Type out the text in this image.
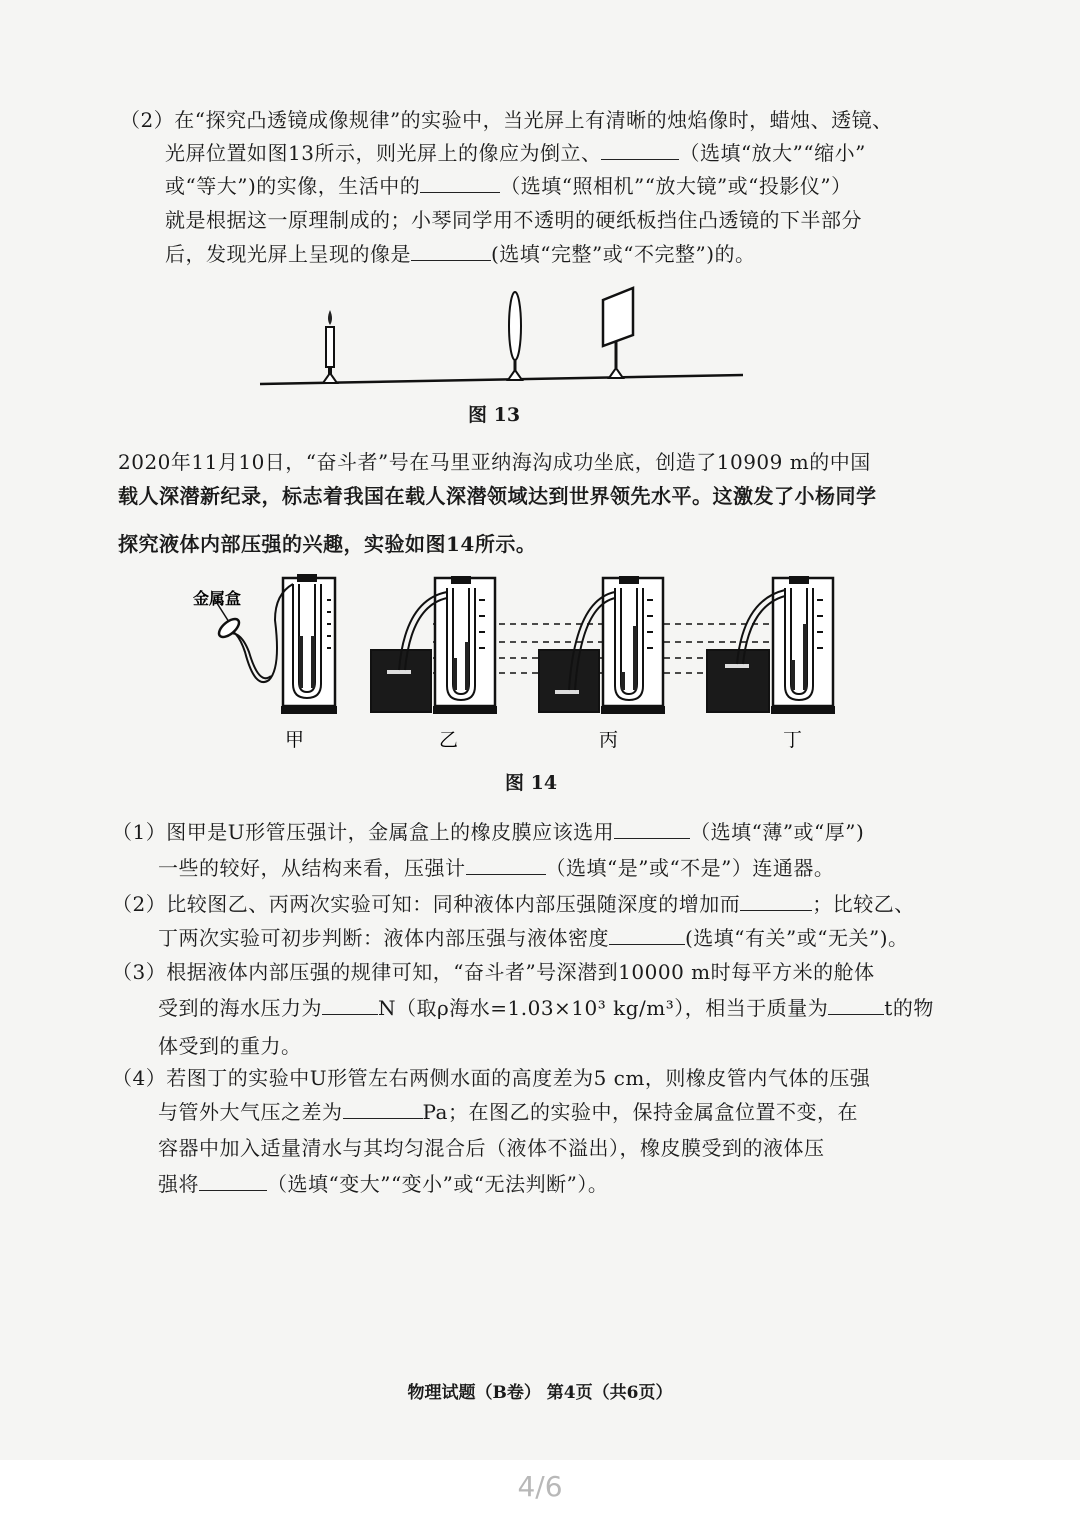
（2）在“探究凸透镜成像规律”的实验中，当光屏上有清晰的烛焰像时，蜡烛、透镜、
光屏位置如图13所示，则光屏上的像应为倒立、	（选填“放大”“缩小”
或“等大”)的实像，生活中的	（选填“照相机”“放大镜”或“投影仪”）
就是根据这一原理制成的；小琴同学用不透明的硬纸板挡住凸透镜的下半部分
后，发现光屏上呈现的像是	(选填“完整”或“不完整”)的。
图 13
2020年11月10日，“奋斗者”号在马里亚纳海沟成功坐底，创造了10909 m的中国
载人深潜新纪录，标志着我国在载人深潜领域达到世界领先水平。这激发了小杨同学
探究液体内部压强的兴趣，实验如图14所示。
金属盒
甲	乙	丙	丁
图 14
（1）图甲是U形管压强计，金属盒上的橡皮膜应该选用	（选填“薄”或“厚”)
一些的较好，从结构来看，压强计	（选填“是”或“不是”）连通器。
（2）比较图乙、丙两次实验可知：同种液体内部压强随深度的增加而	；比较乙、
丁两次实验可初步判断：液体内部压强与液体密度	(选填“有关”或“无关”)。
（3）根据液体内部压强的规律可知，“奋斗者”号深潜到10000 m时每平方米的舱体
受到的海水压力为	N（取ρ海水=1.03×10³ kg/m³），相当于质量为	t的物
体受到的重力。
（4）若图丁的实验中U形管左右两侧水面的高度差为5 cm，则橡皮管内气体的压强
与管外大气压之差为	Pa；在图乙的实验中，保持金属盒位置不变，在
容器中加入适量清水与其均匀混合后（液体不溢出），橡皮膜受到的液体压
强将	（选填“变大”“变小”或“无法判断”）。
物理试题（B卷） 第4页（共6页）
4/6
